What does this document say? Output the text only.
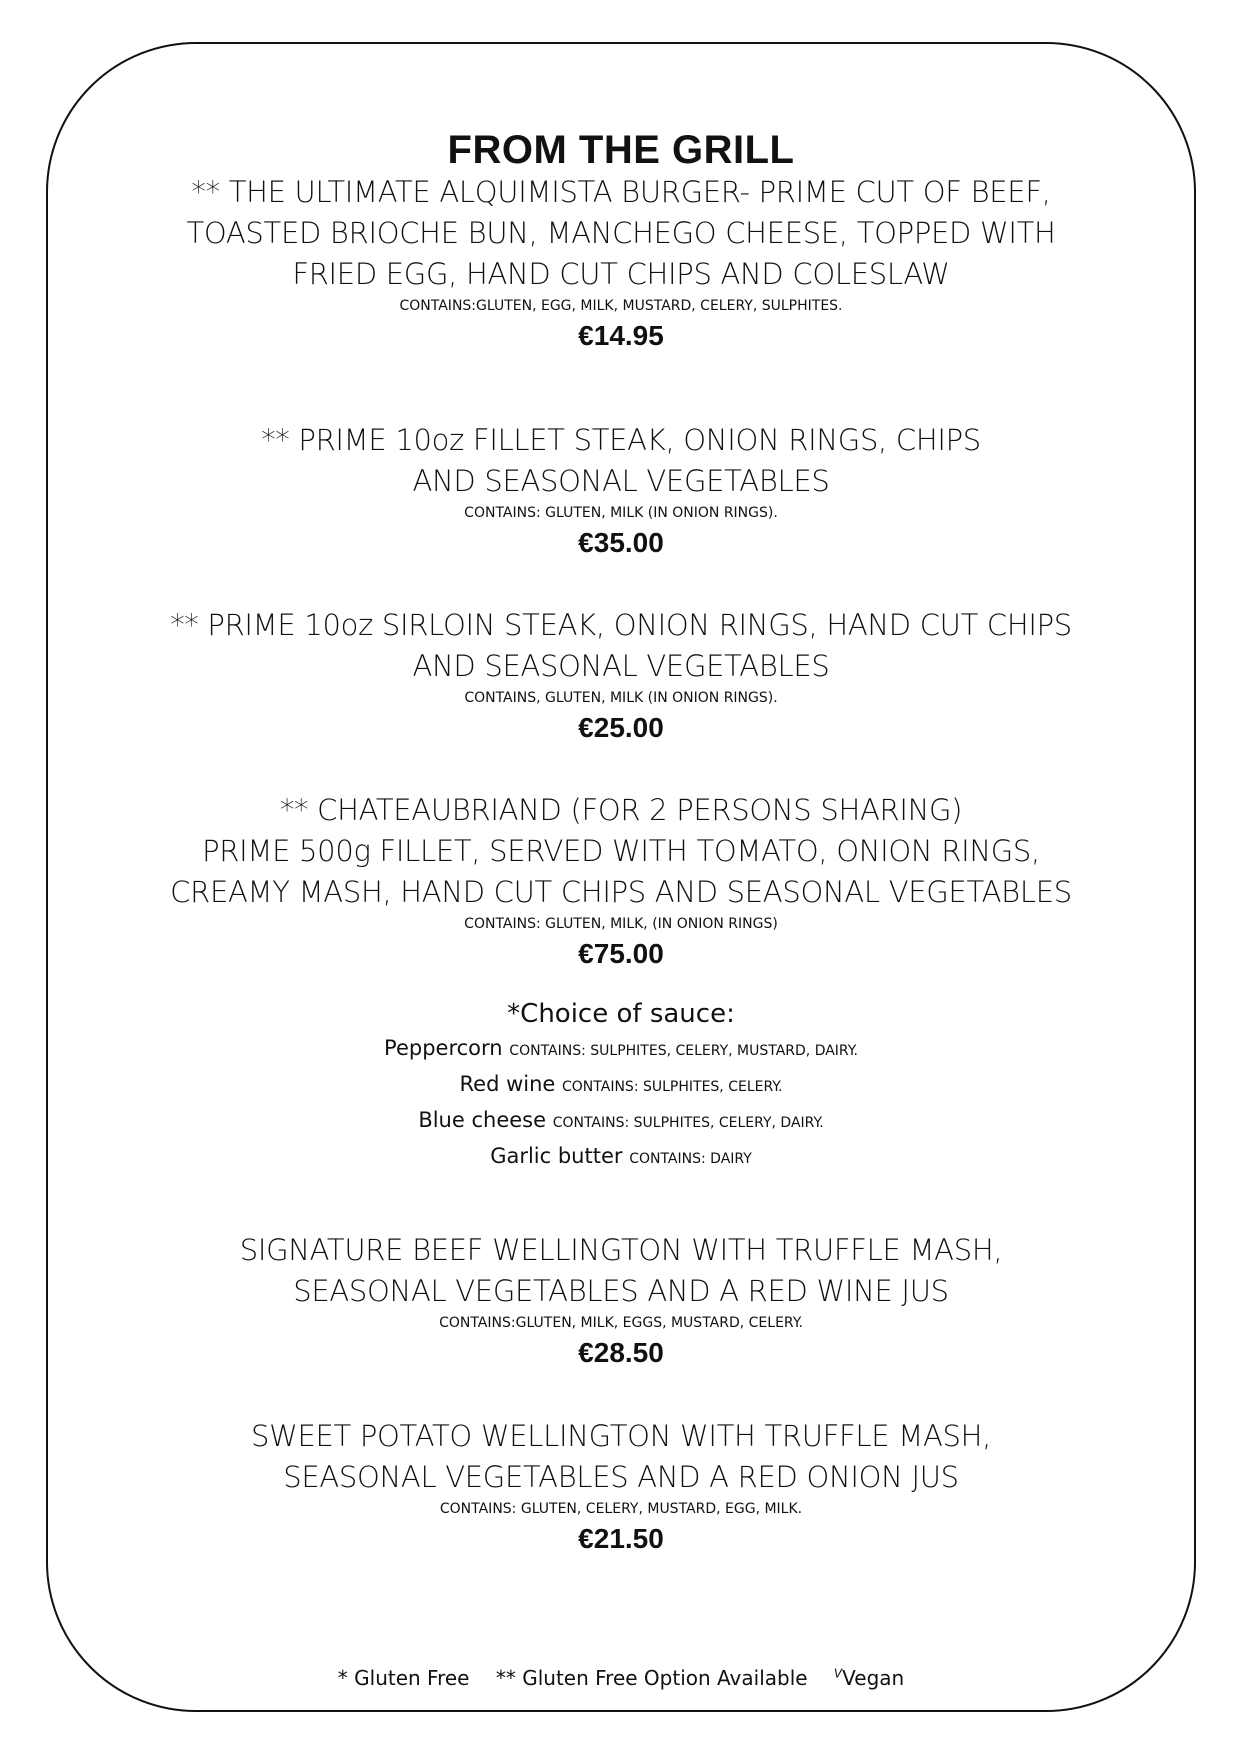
FROM THE GRILL
** THE ULTIMATE ALQUIMISTA BURGER- PRIME CUT OF BEEF,
TOASTED BRIOCHE BUN, MANCHEGO CHEESE, TOPPED WITH
FRIED EGG, HAND CUT CHIPS AND COLESLAW
CONTAINS:GLUTEN, EGG, MILK, MUSTARD, CELERY, SULPHITES.
€14.95
** PRIME 10oz FILLET STEAK, ONION RINGS, CHIPS
AND SEASONAL VEGETABLES
CONTAINS: GLUTEN, MILK (IN ONION RINGS).
€35.00
** PRIME 10oz SIRLOIN STEAK, ONION RINGS, HAND CUT CHIPS
AND SEASONAL VEGETABLES
CONTAINS, GLUTEN, MILK (IN ONION RINGS).
€25.00
** CHATEAUBRIAND (FOR 2 PERSONS SHARING)
PRIME 500g FILLET, SERVED WITH TOMATO, ONION RINGS,
CREAMY MASH, HAND CUT CHIPS AND SEASONAL VEGETABLES
CONTAINS: GLUTEN, MILK, (IN ONION RINGS)
€75.00
*Choice of sauce:
Peppercorn CONTAINS: SULPHITES, CELERY, MUSTARD, DAIRY.
Red wine CONTAINS: SULPHITES, CELERY.
Blue cheese CONTAINS: SULPHITES, CELERY, DAIRY.
Garlic butter CONTAINS: DAIRY
SIGNATURE BEEF WELLINGTON WITH TRUFFLE MASH,
SEASONAL VEGETABLES AND A RED WINE JUS
CONTAINS:GLUTEN, MILK, EGGS, MUSTARD, CELERY.
€28.50
SWEET POTATO WELLINGTON WITH TRUFFLE MASH,
SEASONAL VEGETABLES AND A RED ONION JUS
CONTAINS: GLUTEN, CELERY, MUSTARD, EGG, MILK.
€21.50
* Gluten Free ** Gluten Free Option Available $^V$Vegan
